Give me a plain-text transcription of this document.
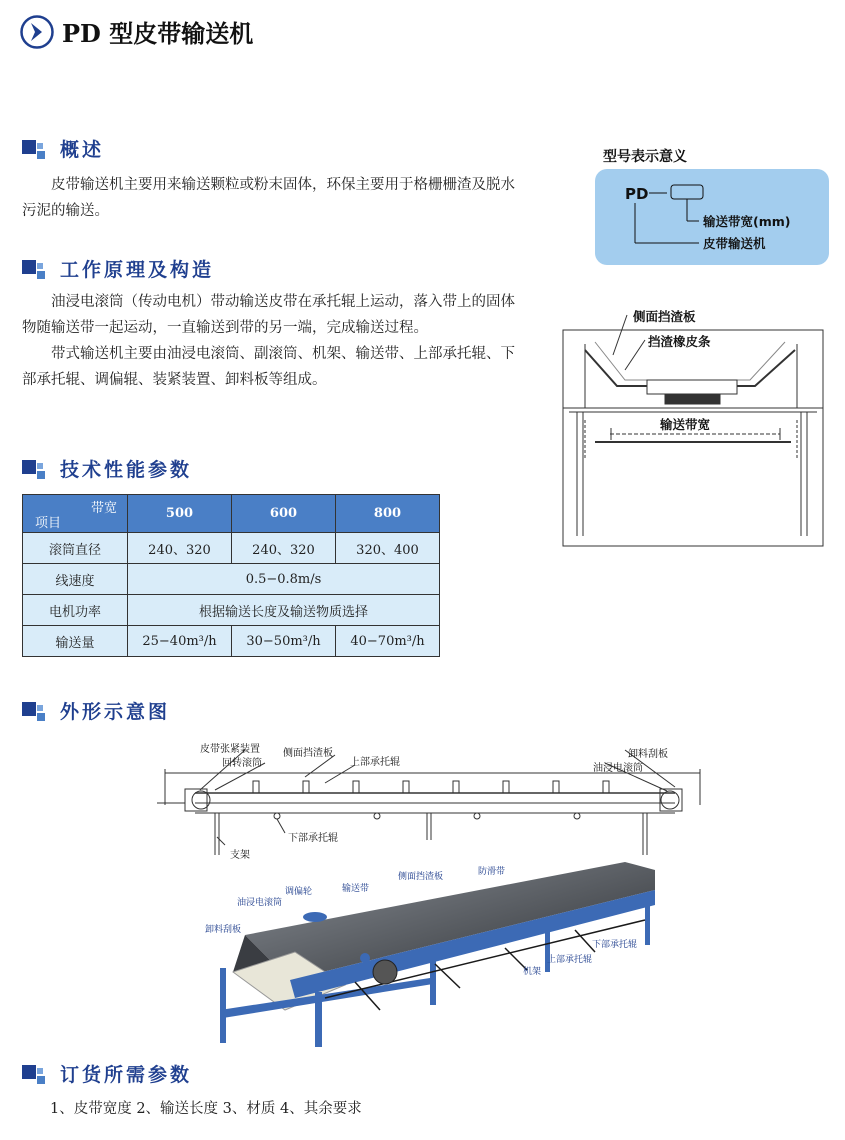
PD 型皮带输送机
概述

皮带输送机主要用来输送颗粒或粉末固体，环保主要用于格栅栅渣及脱水污泥的输送。

工作原理及构造

油浸电滚筒（传动电机）带动输送皮带在承托辊上运动，落入带上的固体物随输送带一起运动，一直输送到带的另一端，完成输送过程。

带式输送机主要由油浸电滚筒、副滚筒、机架、输送带、上部承托辊、下部承托辊、调偏辊、装紧装置、卸料板等组成。

技术性能参数
带宽
项目	500	600	800
滚筒直径	240、320	240、320	320、400
线速度	0.5−0.8m/s		
电机功率	根据输送长度及输送物质选择		
输送量	25−40m³/h	30−50m³/h	40−70m³/h
型号表示意义
PD
输送带宽(mm)
皮带输送机
侧面挡渣板
挡渣橡皮条
输送带宽
外形示意图
皮带张紧装置
回转滚筒
侧面挡渣板
上部承托辊
卸料刮板
油浸电滚筒
下部承托辊
支架
油浸电滚筒
调偏轮	输送带
侧面挡渣板	防滑带
卸料刮板
下部承托辊
上部承托辊
机架
订货所需参数
1、皮带宽度 2、输送长度 3、材质 4、其余要求
